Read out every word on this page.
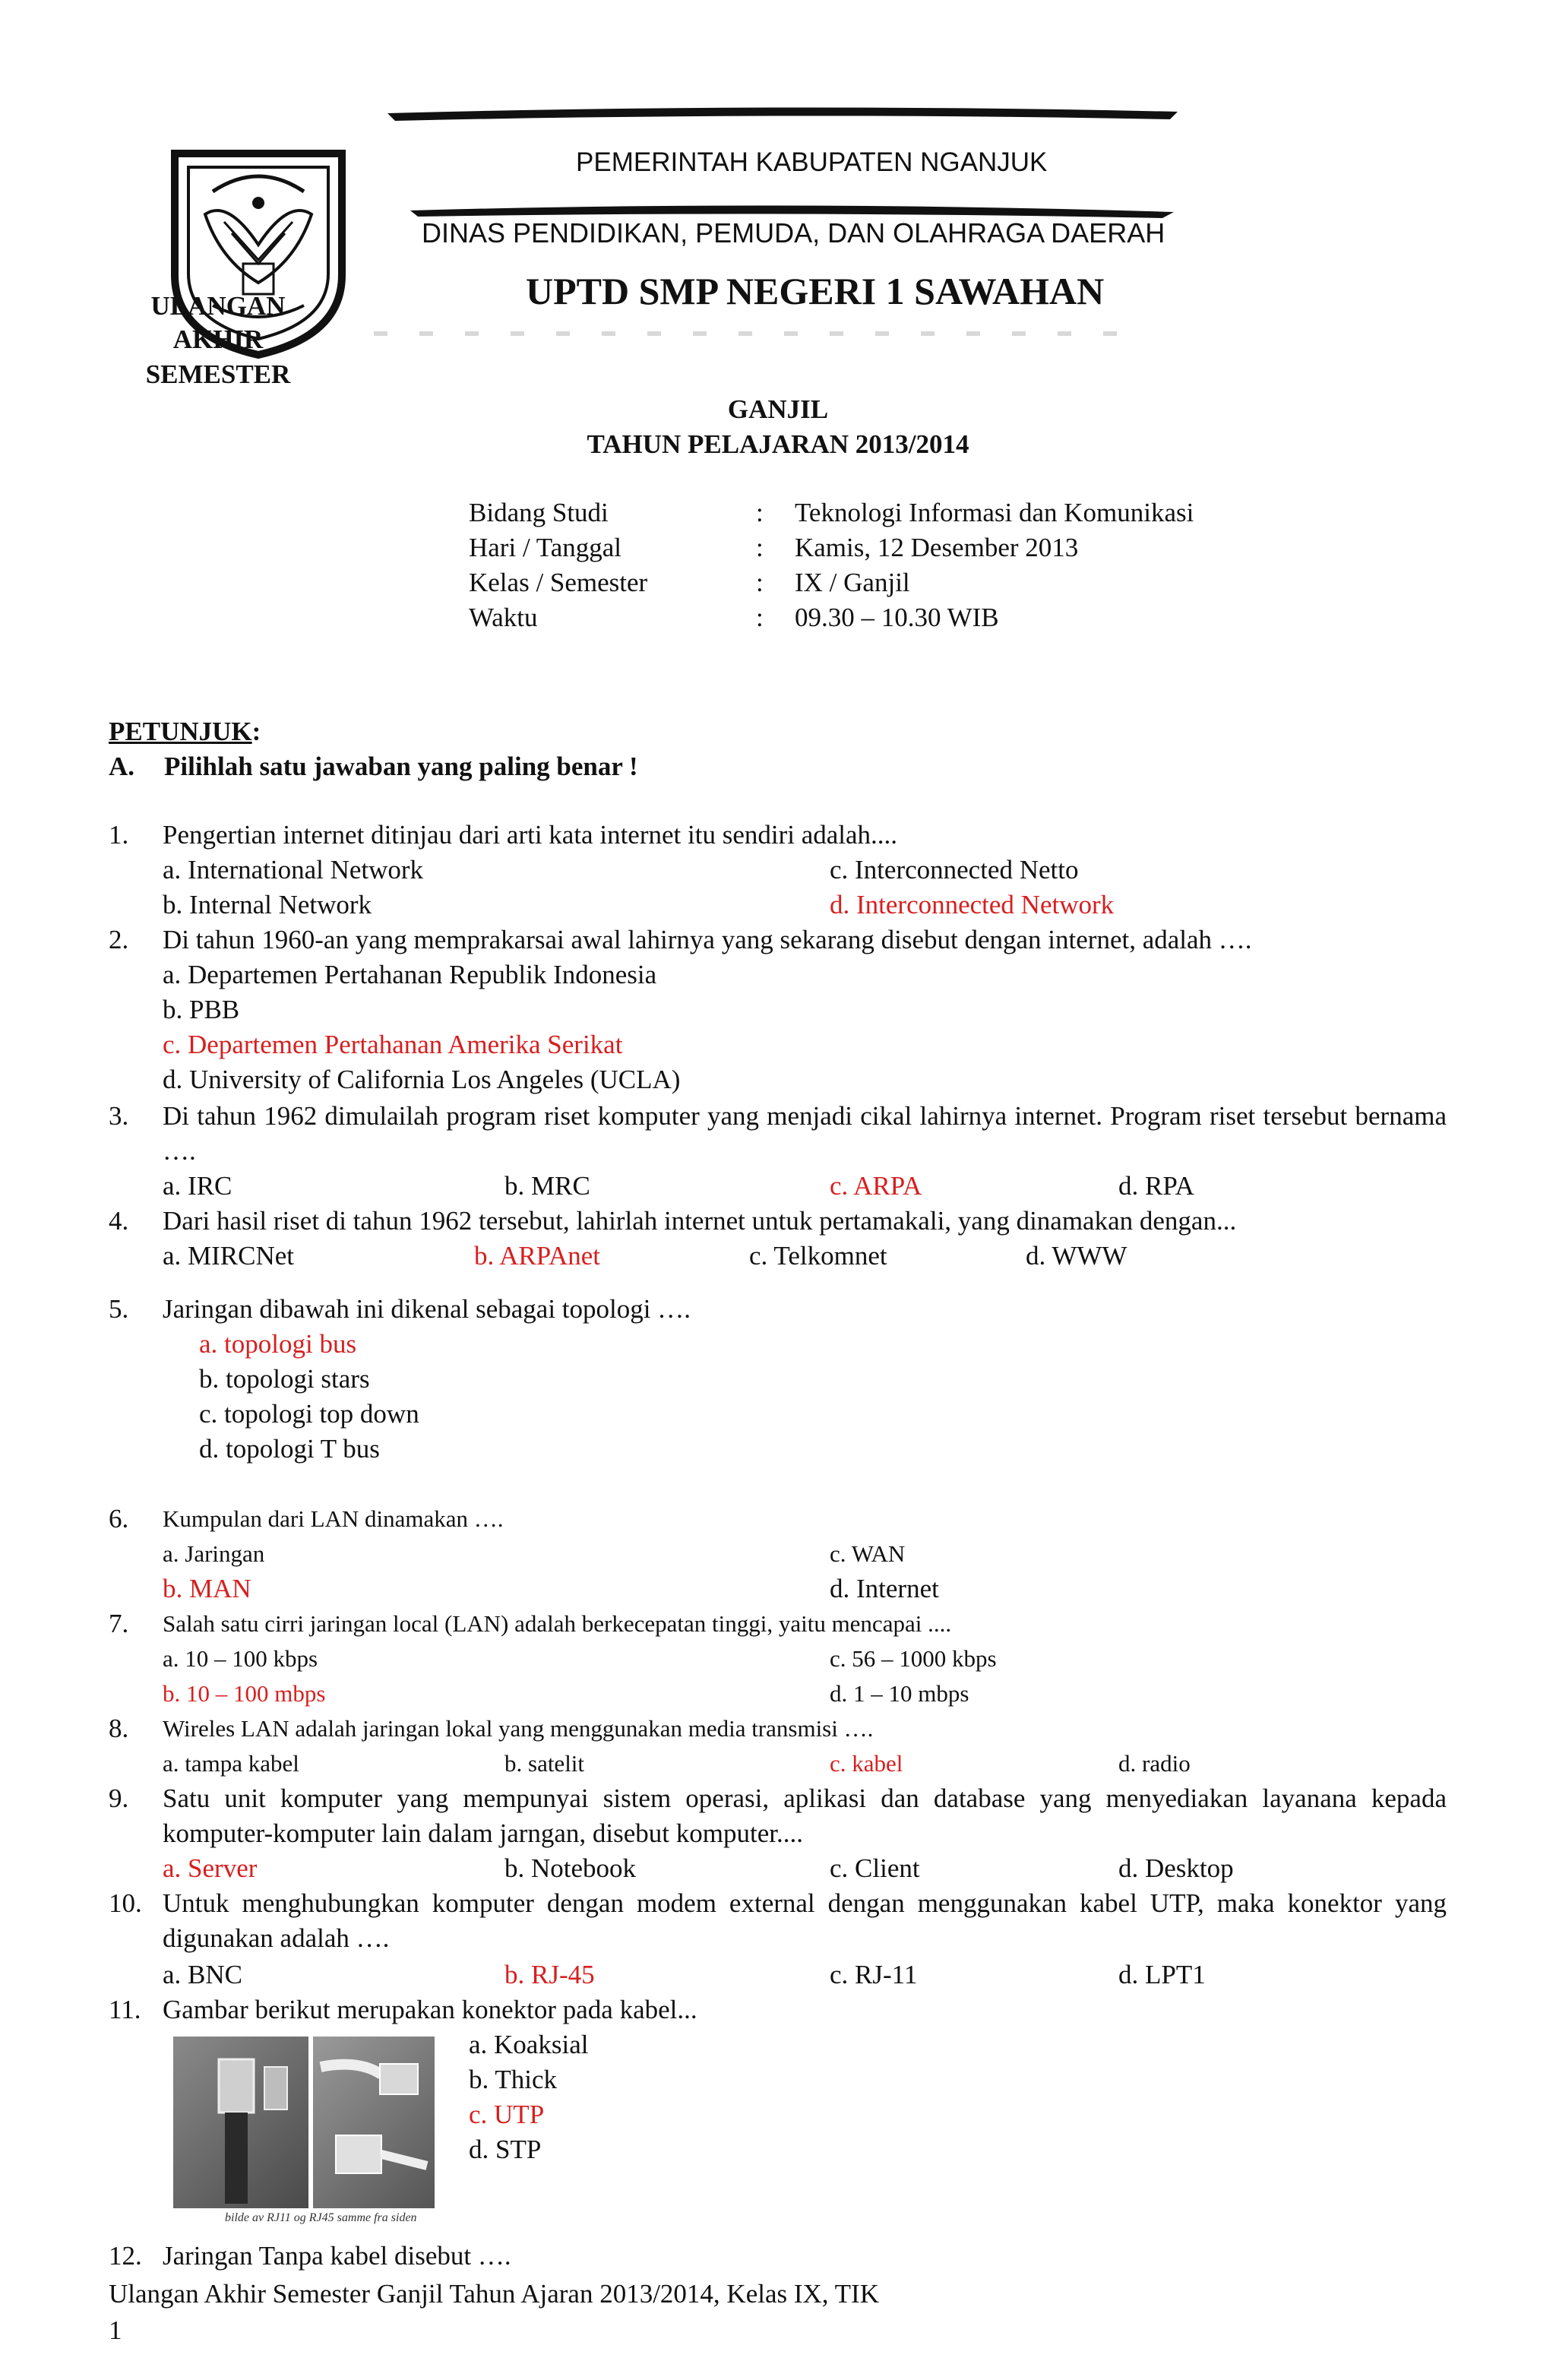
PEMERINTAH KABUPATEN NGANJUK
DINAS PENDIDIKAN, PEMUDA, DAN OLAHRAGA DAERAH
UPTD SMP NEGERI 1 SAWAHAN
ULANGAN
AKHIR
SEMESTER
GANJIL
TAHUN PELAJARAN 2013/2014
Bidang Studi	: Teknologi Informasi dan Komunikasi
Hari / Tanggal	: Kamis, 12 Desember 2013
Kelas / Semester	: IX / Ganjil
Waktu	: 09.30 – 10.30 WIB
PETUNJUK:
A. Pilihlah satu jawaban yang paling benar !
1. Pengertian internet ditinjau dari arti kata internet itu sendiri adalah....
a. International Network	c. Interconnected Netto
b. Internal Network	d. Interconnected Network
2. Di tahun 1960-an yang memprakarsai awal lahirnya yang sekarang disebut dengan internet, adalah ….
a. Departemen Pertahanan Republik Indonesia
b. PBB
c. Departemen Pertahanan Amerika Serikat
d. University of California Los Angeles (UCLA)
3. Di tahun 1962 dimulailah program riset komputer yang menjadi cikal lahirnya internet. Program riset tersebut bernama ….
a. IRC	b. MRC	c. ARPA	d. RPA
4. Dari hasil riset di tahun 1962 tersebut, lahirlah internet untuk pertamakali, yang dinamakan dengan...
a. MIRCNet	b. ARPAnet	c. Telkomnet	d. WWW
5. Jaringan dibawah ini dikenal sebagai topologi ….
a. topologi bus
b. topologi stars
c. topologi top down
d. topologi T bus
6. Kumpulan dari LAN dinamakan ….
a. Jaringan	c. WAN
b. MAN	d. Internet
7. Salah satu cirri jaringan local (LAN) adalah berkecepatan tinggi, yaitu mencapai ....
a. 10 – 100 kbps	c. 56 – 1000 kbps
b. 10 – 100 mbps	d. 1 – 10 mbps
8. Wireles LAN adalah jaringan lokal yang menggunakan media transmisi ….
a. tampa kabel	b. satelit	c. kabel	d. radio
9. Satu unit komputer yang mempunyai sistem operasi, aplikasi dan database yang menyediakan layanana kepada komputer-komputer lain dalam jarngan, disebut komputer....
a. Server	b. Notebook	c. Client	d. Desktop
10. Untuk menghubungkan komputer dengan modem external dengan menggunakan kabel UTP, maka konektor yang digunakan adalah ….
a. BNC	b. RJ-45	c. RJ-11	d. LPT1
11. Gambar berikut merupakan konektor pada kabel...
bilde av RJ11 og RJ45 samme fra siden
a. Koaksial
b. Thick
c. UTP
d. STP
12. Jaringan Tanpa kabel disebut ….
Ulangan Akhir Semester Ganjil Tahun Ajaran 2013/2014, Kelas IX, TIK
1
